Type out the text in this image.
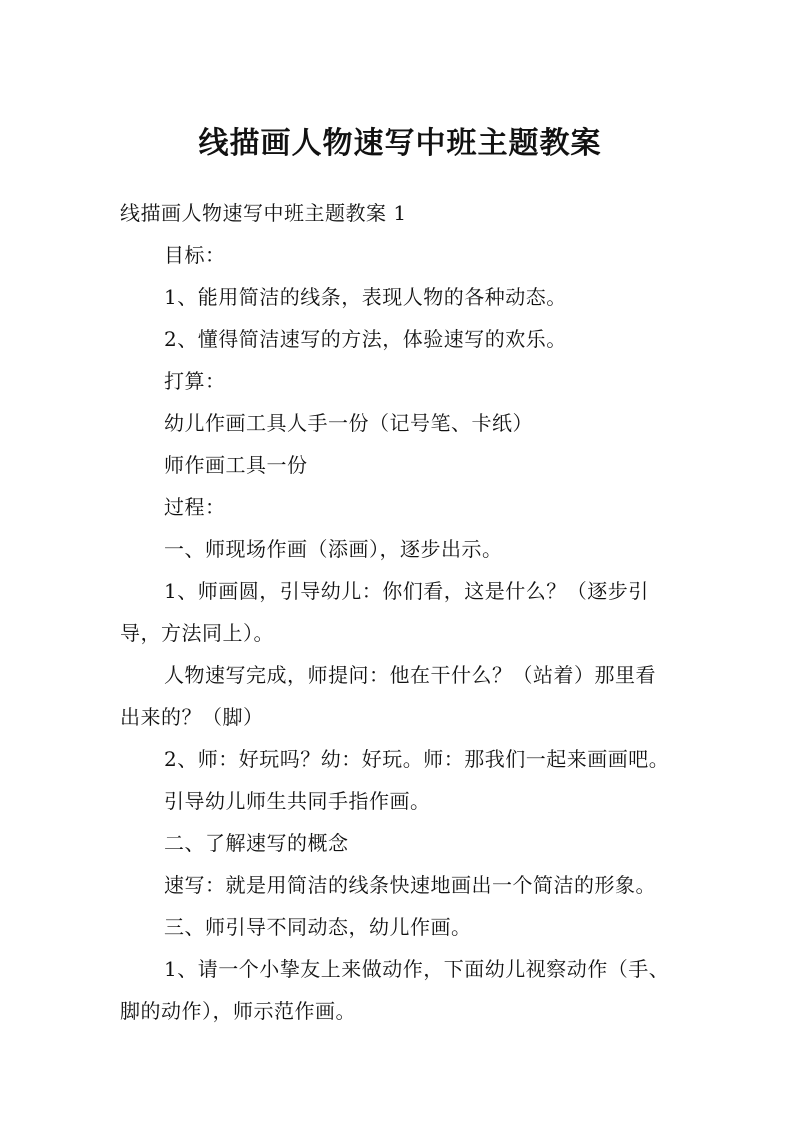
线描画人物速写中班主题教案
线描画人物速写中班主题教案 1
目标：
1、能用简洁的线条，表现人物的各种动态。
2、懂得简洁速写的方法，体验速写的欢乐。
打算：
幼儿作画工具人手一份（记号笔、卡纸）
师作画工具一份
过程：
一、师现场作画（添画），逐步出示。
1、师画圆，引导幼儿：你们看，这是什么？（逐步引
导，方法同上）。
人物速写完成，师提问：他在干什么？（站着）那里看
出来的？（脚）
2、师：好玩吗？幼：好玩。师：那我们一起来画画吧。
引导幼儿师生共同手指作画。
二、了解速写的概念
速写：就是用简洁的线条快速地画出一个简洁的形象。
三、师引导不同动态，幼儿作画。
1、请一个小挚友上来做动作，下面幼儿视察动作（手、
脚的动作），师示范作画。
